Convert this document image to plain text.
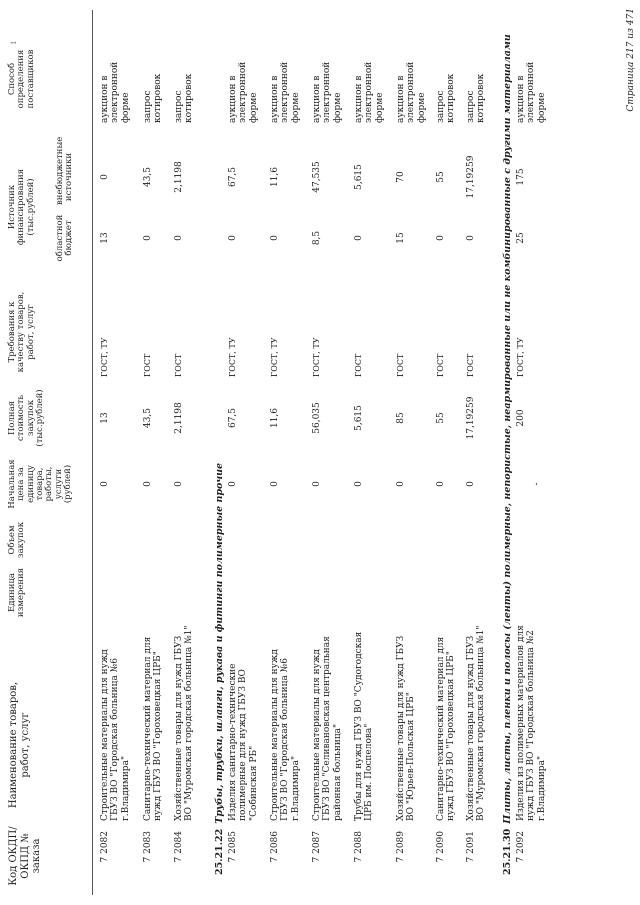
Код ОКДП/ ОКПД № заказа
Наименование товаров, работ, услуг
Единица измерения
Объем закупок
Начальная цена за единицу товара, работы, услуги (рублей)
Полная стоимость закупок (тыс.рублей)
Требования к качеству товаров, работ, услуг
Источник финансирования (тыс.рублей)
областной бюджет
внебюджетные источники
Способ определения поставщиков
7 2082
Строительные материалы для нужд ГБУЗ ВО "Городская больница №6 г.Владимира"
0
13
ГОСТ, ТУ
13
0
аукцион в электронной форме
7 2083
Санитарно-технический материал для нужд ГБУЗ ВО "Гороховецкая ЦРБ"
0
43,5
ГОСТ
0
43,5
запрос котировок
7 2084
Хозяйственные товары для нужд ГБУЗ ВО "Муромская городская больница №1"
0
2,1198
ГОСТ
0
2,1198
запрос котировок
25.21.22Трубы, трубки, шланги, рукава и фитинги полимерные прочие
7 2085
Изделия санитарно-технические полимерные для нужд ГБУЗ ВО "Собинская РБ"
0
67,5
ГОСТ, ТУ
0
67,5
аукцион в электронной форме
7 2086
Строительные материалы для нужд ГБУЗ ВО "Городская больница №6 г.Владимира"
0
11,6
ГОСТ, ТУ
0
11,6
аукцион в электронной форме
7 2087
Строительные материалы для нужд ГБУЗ ВО "Селивановская центральная районная больница"
0
56,035
ГОСТ, ТУ
8,5
47,535
аукцион в электронной форме
7 2088
Трубы для нужд ГБУЗ ВО "Судогодская ЦРБ им. Поспелова"
0
5,615
ГОСТ
0
5,615
аукцион в электронной форме
7 2089
Хозяйственные товары для нужд ГБУЗ ВО "Юрьев-Польская ЦРБ"
0
85
ГОСТ
15
70
аукцион в электронной форме
7 2090
Санитарно-технический материал для нужд ГБУЗ ВО "Гороховецкая ЦРБ"
0
55
ГОСТ
0
55
запрос котировок
7 2091
Хозяйственные товары для нужд ГБУЗ ВО "Муромская городская больница №1"
0
17,19259
ГОСТ
0
17,19259
запрос котировок
25.21.30Плиты, листы, пленки и полосы (ленты) полимерные, непористые, неармированные или не комбинированные с другими материалами
7 2092
Изделия из полимерных материалов для нужд ГБУЗ ВО "Городская больница №2 г.Владимира"
-
200
ГОСТ, ТУ
25
175
аукцион в электронной форме	Страница 217 из 471
1
